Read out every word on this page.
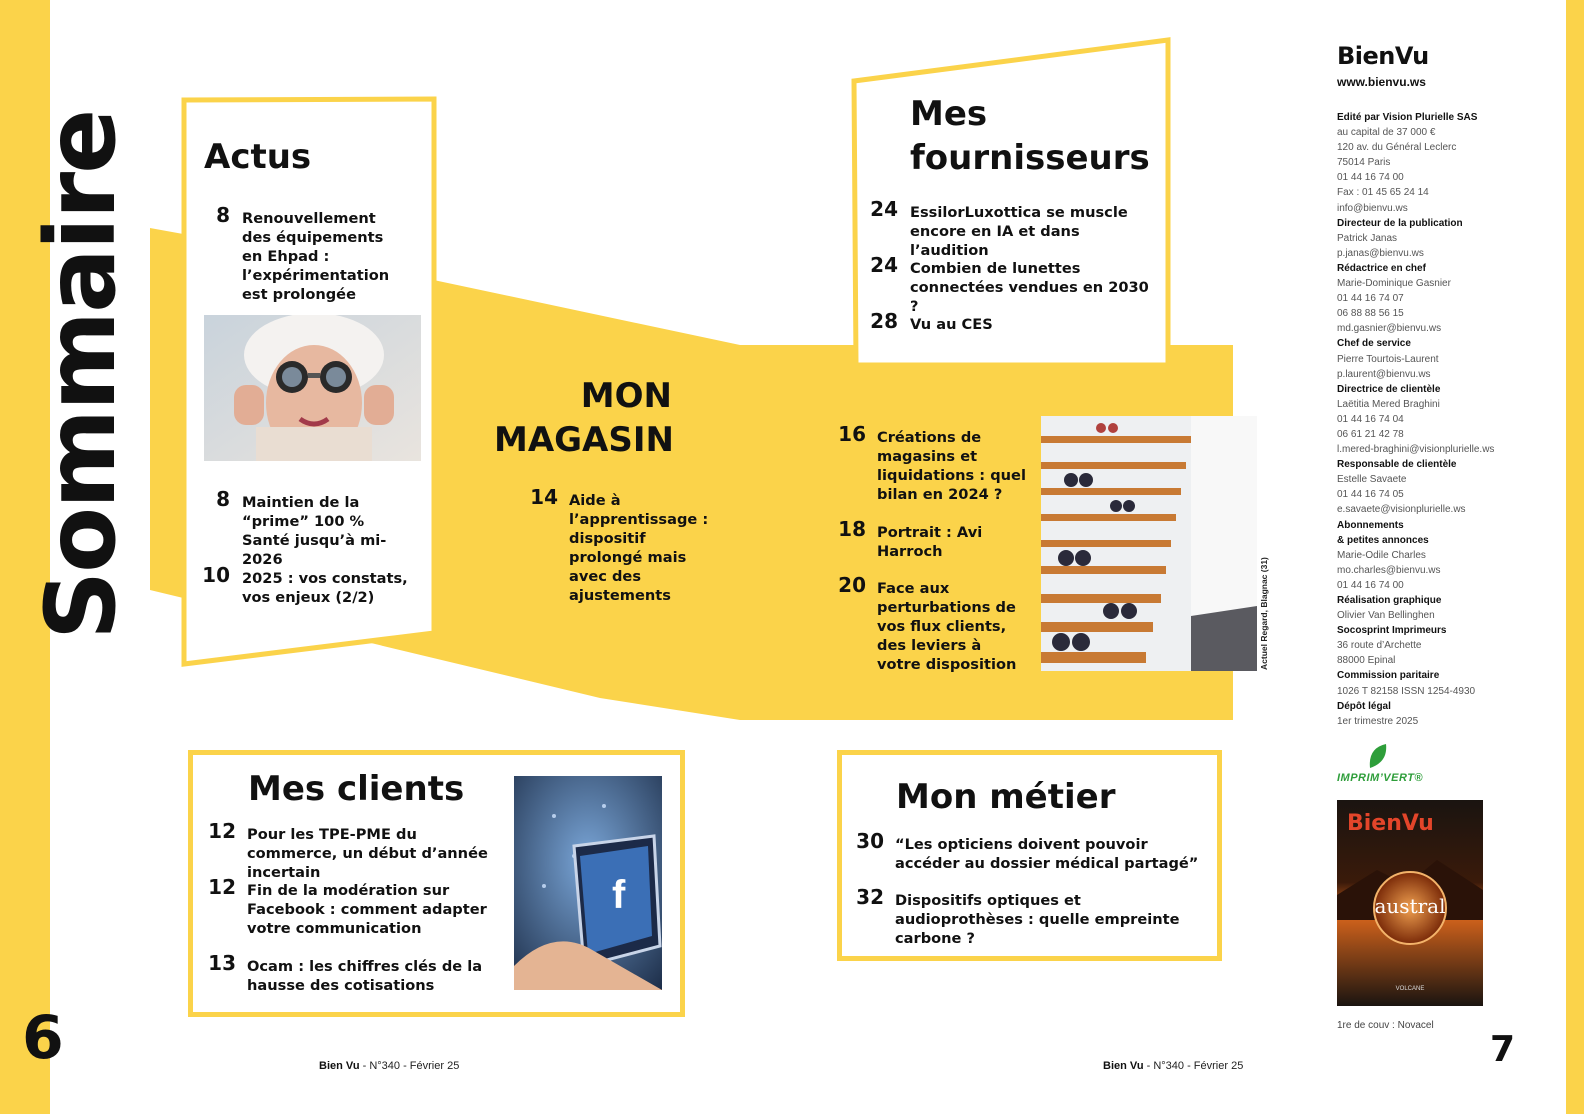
Sommaire Actus
8 Renouvellement des équipements en Ehpad : l’expérimentation est prolongée
8 Maintien de la “prime” 100 % Santé jusqu’à mi-2026
10 2025 : vos constats, vos enjeux (2/2)
MON
MAGASIN
14 Aide à l’apprentissage : dispositif prolongé mais avec des ajustements
16 Créations de magasins et liquidations : quel bilan en 2024 ?
18 Portrait : Avi Harroch
20 Face aux perturbations de vos flux clients, des leviers à votre disposition	Actuel Regard, Blagnac (31)
Mes fournisseurs
24 EssilorLuxottica se muscle encore en IA et dans l’audition
24 Combien de lunettes connectées vendues en 2030 ?
28 Vu au CES
Mes clients
12 Pour les TPE-PME du commerce, un début d’année incertain
12 Fin de la modération sur Facebook : comment adapter votre communication
13 Ocam : les chiffres clés de la hausse des cotisations
f
Mon métier
30 “Les opticiens doivent pouvoir accéder au dossier médical partagé”
32 Dispositifs optiques et audioprothèses : quelle empreinte carbone ?
BienVu
www.bienvu.ws
Edité par Vision Plurielle SAS
au capital de 37 000 €
120 av. du Général Leclerc
75014 Paris
01 44 16 74 00
Fax : 01 45 65 24 14
info@bienvu.ws
Directeur de la publication
Patrick Janas
p.janas@bienvu.ws
Rédactrice en chef
Marie-Dominique Gasnier
01 44 16 74 07
06 88 88 56 15
md.gasnier@bienvu.ws
Chef de service
Pierre Tourtois-Laurent
p.laurent@bienvu.ws
Directrice de clientèle
Laëtitia Mered Braghini
01 44 16 74 04
06 61 21 42 78
l.mered-braghini@visionplurielle.ws
Responsable de clientèle
Estelle Savaete
01 44 16 74 05
e.savaete@visionplurielle.ws
Abonnements
& petites annonces
Marie-Odile Charles
mo.charles@bienvu.ws
01 44 16 74 00
Réalisation graphique
Olivier Van Bellinghen
Socosprint Imprimeurs
36 route d’Archette
88000 Epinal
Commission paritaire
1026 T 82158 ISSN 1254-4930
Dépôt légal
1er trimestre 2025
IMPRIM’VERT®
BienVu
austral
VOLCANE
1re de couv : Novacel
Bien Vu - N°340 - Février 25	Bien Vu - N°340 - Février 25
6	7
